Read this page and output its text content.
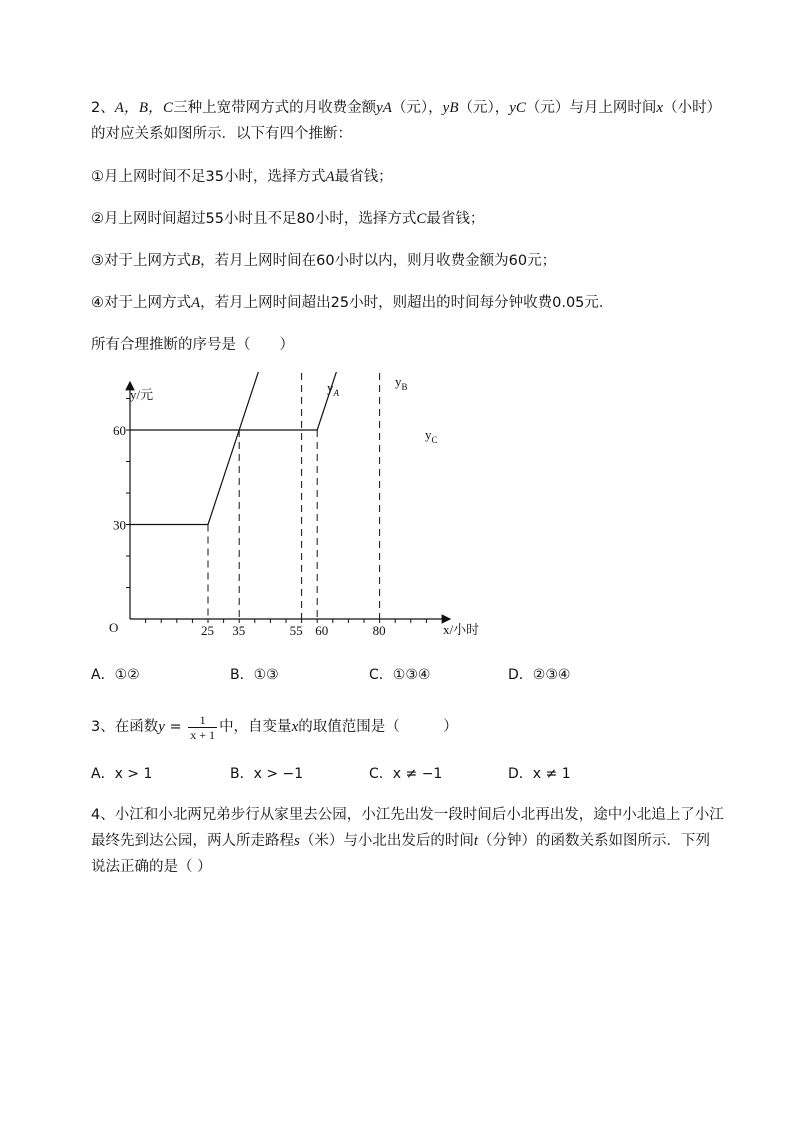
2、A，B，C三种上宽带网方式的月收费金额yA（元），yB（元），yC（元）与月上网时间x（小时）
的对应关系如图所示．以下有四个推断：
①月上网时间不足35小时，选择方式A最省钱；
②月上网时间超过55小时且不足80小时，选择方式C最省钱；
③对于上网方式B，若月上网时间在60小时以内，则月收费金额为60元；
④对于上网方式A，若月上网时间超出25小时，则超出的时间每分钟收费0.05元．
所有合理推断的序号是（　　）
y/元
x/小时
O
60
30
25 35	55 60	80
$y_A$
$y_B$
$y_C$
A．①②	B．①③	C．①③④	D．②③④
3、在函数$y = \frac{1}{x + 1}$ 中，自变量x的取值范围是（　　　）
A．x > 1	B．x > −1	C．x ≠ −1	D．x ≠ 1
4、小江和小北两兄弟步行从家里去公园，小江先出发一段时间后小北再出发，途中小北追上了小江
最终先到达公园，两人所走路程s（米）与小北出发后的时间t（分钟）的函数关系如图所示．下列
说法正确的是（ ）
